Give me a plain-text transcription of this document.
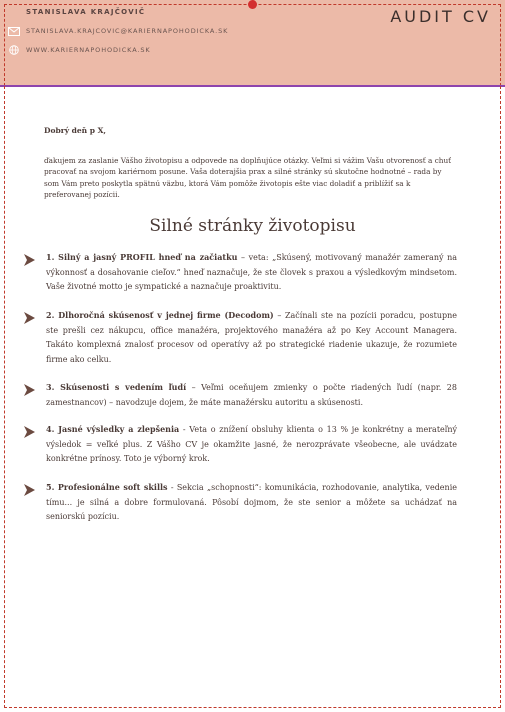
STANISLAVA KRAJČOVIČ	AUDIT CV
STANISLAVA.KRAJCOVIC@KARIERNAPOHODICKA.SK
WWW.KARIERNAPOHODICKA.SK

Dobrý deň p X,

ďakujem za zaslanie Vášho životopisu a odpovede na doplňujúce otázky. Veľmi si vážim Vašu otvorenosť a chuť pracovať na svojom kariérnom posune. Vaša doterajšia prax a silné stránky sú skutočne hodnotné – rada by som Vám preto poskytla spätnú väzbu, ktorá Vám pomôže životopis ešte viac doladiť a priblížiť sa k preferovanej pozícii.

Silné stránky životopisu
1. Silný a jasný PROFIL hneď na začiatku – veta: „Skúsený, motivovaný manažér zameraný na výkonnosť a dosahovanie cieľov.“ hneď naznačuje, že ste človek s praxou a výsledkovým mindsetom. Vaše životné motto je sympatické a naznačuje proaktivitu.
2. Dlhoročná skúsenosť v jednej firme (Decodom) – Začínali ste na pozícii poradcu, postupne ste prešli cez nákupcu, office manažéra, projektového manažéra až po Key Account Managera. Takáto komplexná znalosť procesov od operatívy až po strategické riadenie ukazuje, že rozumiete firme ako celku.
3. Skúsenosti s vedením ľudí – Veľmi oceňujem zmienky o počte riadených ľudí (napr. 28 zamestnancov) – navodzuje dojem, že máte manažérsku autoritu a skúsenosti.
4. Jasné výsledky a zlepšenia - Veta o znížení obsluhy klienta o 13 % je konkrétny a merateľný výsledok = veľké plus. Z Vášho CV je okamžite jasné, že nerozprávate všeobecne, ale uvádzate konkrétne prínosy. Toto je výborný krok.
5. Profesionálne soft skills - Sekcia „schopnosti“: komunikácia, rozhodovanie, analytika, vedenie tímu... je silná a dobre formulovaná. Pôsobí dojmom, že ste senior a môžete sa uchádzať na seniorskú pozíciu.
